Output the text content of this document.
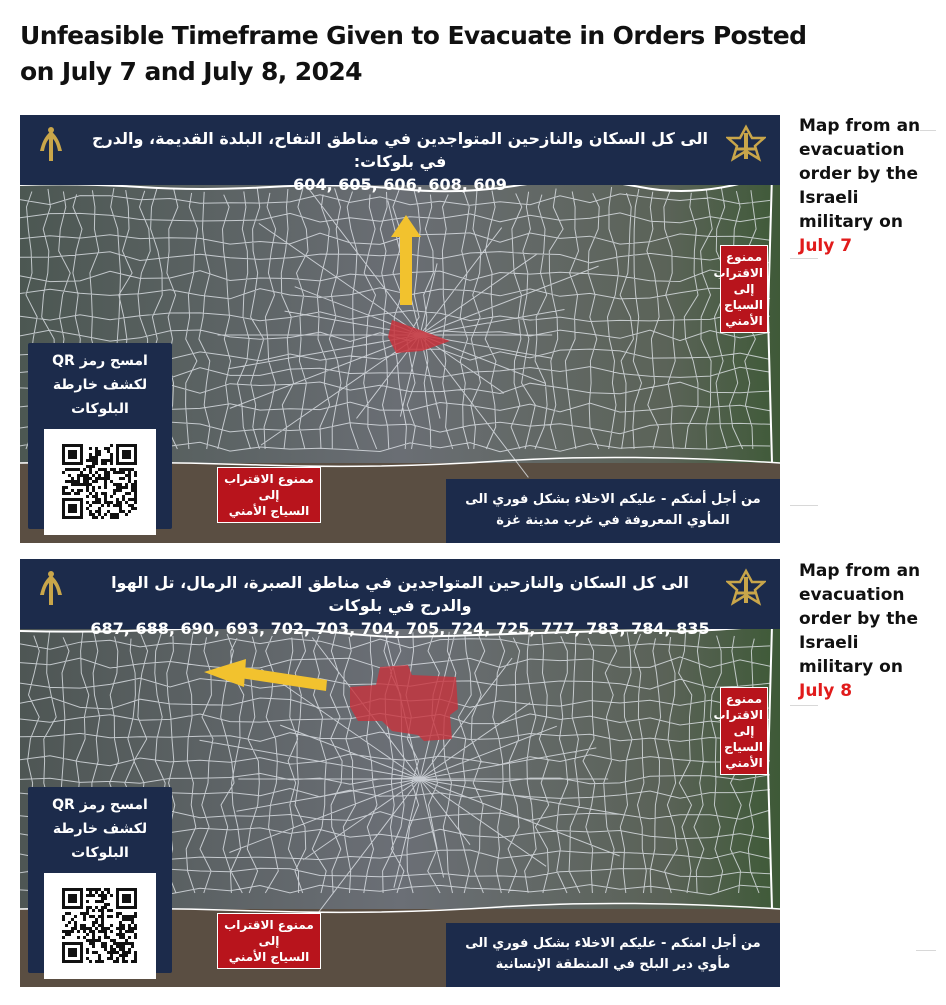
Unfeasible Timeframe Given to Evacuate in Orders Posted on July 7 and July 8, 2024
الى كل السكان والنازحين المتواجدين في مناطق التفاح، البلدة القديمة، والدرج في بلوكات:
609 ,608 ,606 ,605 ,604
امسح رمز QR
لكشف خارطة
البلوكات
ممنوع
الاقتراب
إلى
السياج
الأمني
ممنوع الاقتراب إلى
السياج الأمني
من أجل أمنكم - عليكم الاخلاء بشكل فوري الى
المأوي المعروفة في غرب مدينة غزة
Map from an evacuation order by the Israeli military on July 7
الى كل السكان والنازحين المتواجدين في مناطق الصبرة، الرمال، تل الهوا والدرج في بلوكات
835 ,784 ,783 ,777 ,725 ,724 ,705 ,704 ,703 ,702 ,693 ,690 ,688 ,687
امسح رمز QR
لكشف خارطة
البلوكات
ممنوع
الاقتراب
إلى
السياج
الأمني
ممنوع الاقتراب إلى
السياج الأمني
من أجل امنكم - عليكم الاخلاء بشكل فوري الى
مأوي دير البلح في المنطقة الإنسانية
Map from an evacuation order by the Israeli military on July 8
